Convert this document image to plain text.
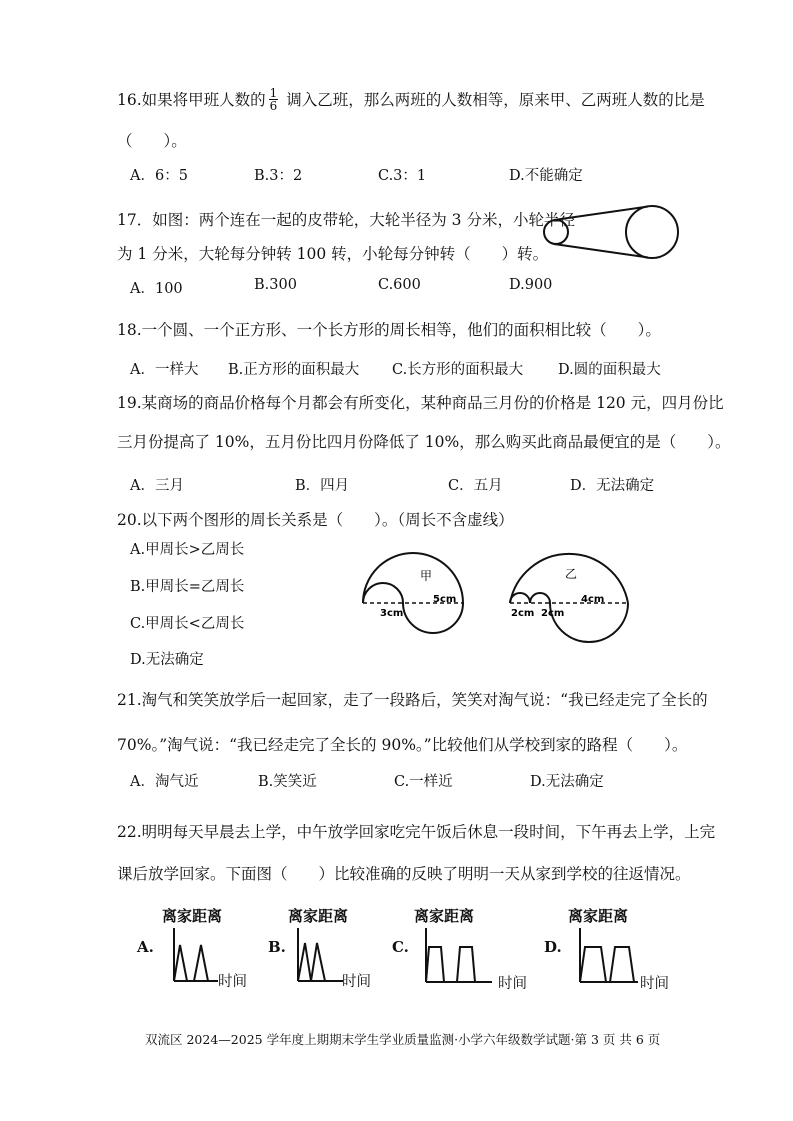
16.如果将甲班人数的 $\frac{1}{6}$ 调入乙班，那么两班的人数相等，原来甲、乙两班人数的比是
（　　）。
A．6：5	B.3：2	C.3：1	D.不能确定
17．如图：两个连在一起的皮带轮，大轮半径为 3 分米，小轮半径
为 1 分米，大轮每分钟转 100 转，小轮每分钟转（　　）转。
A．100	B.300	C.600	D.900
18.一个圆、一个正方形、一个长方形的周长相等，他们的面积相比较（　　）。
A．一样大 B.正方形的面积最大 C.长方形的面积最大 D.圆的面积最大
19.某商场的商品价格每个月都会有所变化，某种商品三月份的价格是 120 元，四月份比
三月份提高了 10%，五月份比四月份降低了 10%，那么购买此商品最便宜的是（　　）。
A．三月	B．四月	C．五月	D．无法确定
20.以下两个图形的周长关系是（　　）。（周长不含虚线）
A.甲周长>乙周长
B.甲周长=乙周长
C.甲周长<乙周长
D.无法确定
甲
5cm
3cm
乙
4cm
2cm 2cm
21.淘气和笑笑放学后一起回家，走了一段路后，笑笑对淘气说：“我已经走完了全长的
70%。”淘气说：“我已经走完了全长的 90%。”比较他们从学校到家的路程（　　）。
A．淘气近	B.笑笑近	C.一样近	D.无法确定
22.明明每天早晨去上学，中午放学回家吃完午饭后休息一段时间，下午再去上学，上完
课后放学回家。下面图（　　）比较准确的反映了明明一天从家到学校的往返情况。
A.
离家距离
时间
B.
离家距离
时间
C.
离家距离
时间
D.
离家距离
时间
双流区 2024—2025 学年度上期期末学生学业质量监测·小学六年级数学试题·第 3 页 共 6 页
